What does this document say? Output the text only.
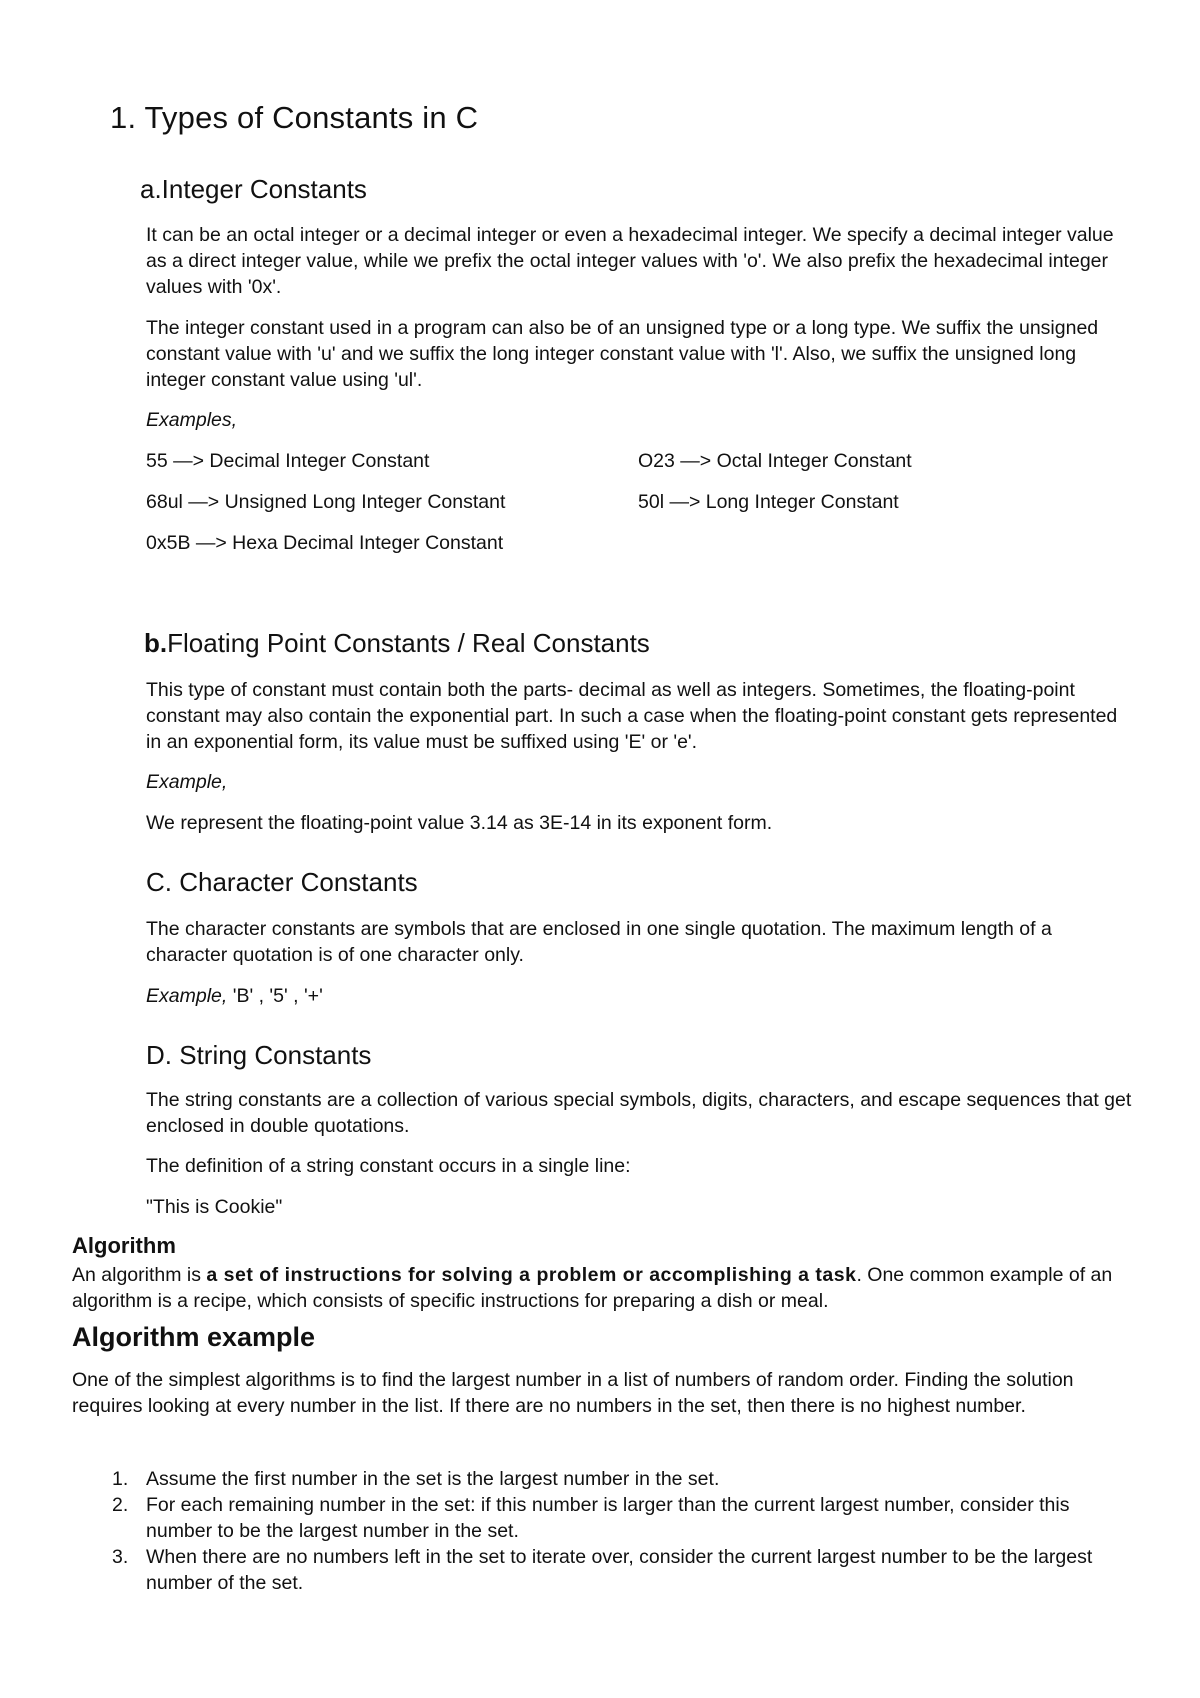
1. Types of Constants in C
a.Integer Constants

It can be an octal integer or a decimal integer or even a hexadecimal integer. We specify a decimal integer value as a direct integer value, while we prefix the octal integer values with 'o'. We also prefix the hexadecimal integer values with '0x'.

The integer constant used in a program can also be of an unsigned type or a long type. We suffix the unsigned constant value with 'u' and we suffix the long integer constant value with 'l'. Also, we suffix the unsigned long integer constant value using 'ul'.

Examples,

55 —> Decimal Integer Constant	O23 —> Octal Integer Constant

68ul —> Unsigned Long Integer Constant	50l —> Long Integer Constant

0x5B —> Hexa Decimal Integer Constant

b.Floating Point Constants / Real Constants

This type of constant must contain both the parts- decimal as well as integers. Sometimes, the floating-point constant may also contain the exponential part. In such a case when the floating-point constant gets represented in an exponential form, its value must be suffixed using 'E' or 'e'.

Example,

We represent the floating-point value 3.14 as 3E-14 in its exponent form.

C. Character Constants

The character constants are symbols that are enclosed in one single quotation. The maximum length of a character quotation is of one character only.

Example, 'B' , '5' , '+'

D. String Constants

The string constants are a collection of various special symbols, digits, characters, and escape sequences that get enclosed in double quotations.

The definition of a string constant occurs in a single line:

"This is Cookie"

Algorithm

An algorithm is a set of instructions for solving a problem or accomplishing a task. One common example of an algorithm is a recipe, which consists of specific instructions for preparing a dish or meal.

Algorithm example

One of the simplest algorithms is to find the largest number in a list of numbers of random order. Finding the solution requires looking at every number in the list. If there are no numbers in the set, then there is no highest number.

1. Assume the first number in the set is the largest number in the set.
2. For each remaining number in the set: if this number is larger than the current largest number, consider this number to be the largest number in the set.
3. When there are no numbers left in the set to iterate over, consider the current largest number to be the largest number of the set.
